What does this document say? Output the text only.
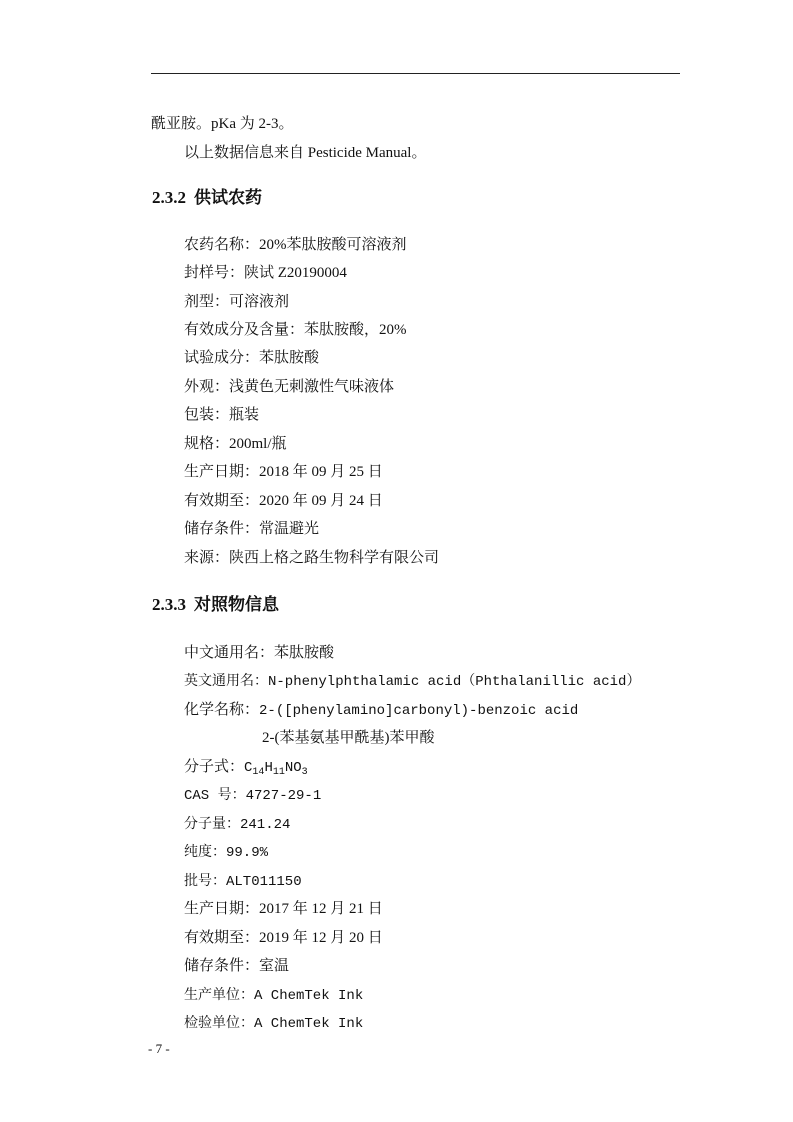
酰亚胺。pKa 为 2-3。
以上数据信息来自 Pesticide Manual。
2.3.2 供试农药
农药名称：20%苯肽胺酸可溶液剂
封样号：陕试 Z20190004
剂型：可溶液剂
有效成分及含量：苯肽胺酸，20%
试验成分：苯肽胺酸
外观：浅黄色无刺激性气味液体
包装：瓶装
规格：200ml/瓶
生产日期：2018 年 09 月 25 日
有效期至：2020 年 09 月 24 日
储存条件：常温避光
来源：陕西上格之路生物科学有限公司
2.3.3 对照物信息
中文通用名：苯肽胺酸
英文通用名：N-phenylphthalamic acid（Phthalanillic acid）
化学名称：2-([phenylamino]carbonyl)-benzoic acid
2-(苯基氨基甲酰基)苯甲酸
分子式：$C_{14}H_{11}NO_3$
CAS 号：4727-29-1
分子量：241.24
纯度：99.9%
批号：ALT011150
生产日期：2017 年 12 月 21 日
有效期至：2019 年 12 月 20 日
储存条件：室温
生产单位：A ChemTek Ink
检验单位：A ChemTek Ink
- 7 -
